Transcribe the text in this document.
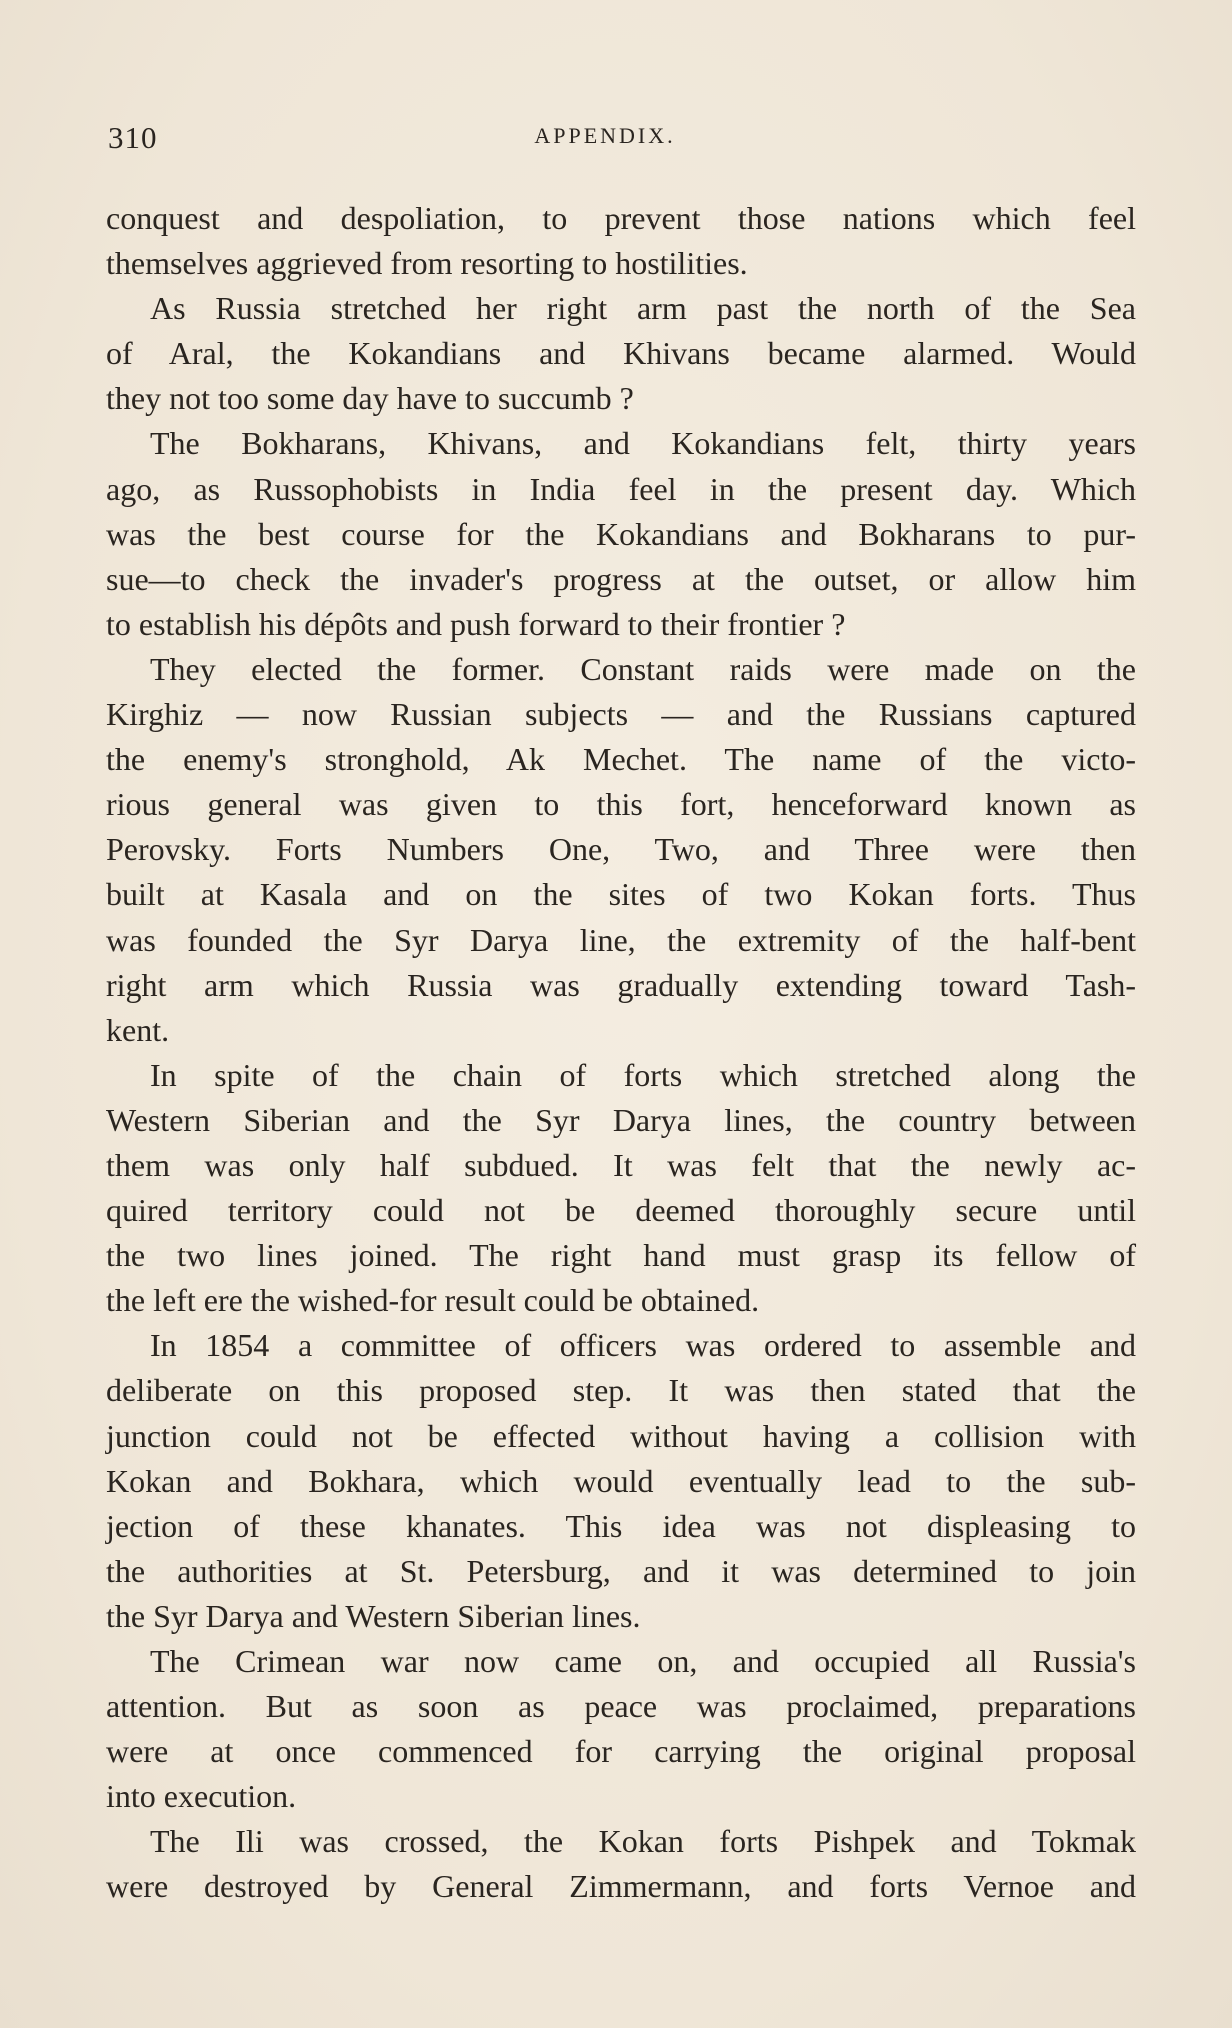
310	APPENDIX.
conquest and despoliation, to prevent those nations which feel
themselves aggrieved from resorting to hostilities.
As Russia stretched her right arm past the north of the Sea
of Aral, the Kokandians and Khivans became alarmed. Would
they not too some day have to succumb ?
The Bokharans, Khivans, and Kokandians felt, thirty years
ago, as Russophobists in India feel in the present day. Which
was the best course for the Kokandians and Bokharans to pur-
sue—to check the invader's progress at the outset, or allow him
to establish his dépôts and push forward to their frontier ?
They elected the former. Constant raids were made on the
Kirghiz — now Russian subjects — and the Russians captured
the enemy's stronghold, Ak Mechet. The name of the victo-
rious general was given to this fort, henceforward known as
Perovsky. Forts Numbers One, Two, and Three were then
built at Kasala and on the sites of two Kokan forts. Thus
was founded the Syr Darya line, the extremity of the half-bent
right arm which Russia was gradually extending toward Tash-
kent.
In spite of the chain of forts which stretched along the
Western Siberian and the Syr Darya lines, the country between
them was only half subdued. It was felt that the newly ac-
quired territory could not be deemed thoroughly secure until
the two lines joined. The right hand must grasp its fellow of
the left ere the wished-for result could be obtained.
In 1854 a committee of officers was ordered to assemble and
deliberate on this proposed step. It was then stated that the
junction could not be effected without having a collision with
Kokan and Bokhara, which would eventually lead to the sub-
jection of these khanates. This idea was not displeasing to
the authorities at St. Petersburg, and it was determined to join
the Syr Darya and Western Siberian lines.
The Crimean war now came on, and occupied all Russia's
attention. But as soon as peace was proclaimed, preparations
were at once commenced for carrying the original proposal
into execution.
The Ili was crossed, the Kokan forts Pishpek and Tokmak
were destroyed by General Zimmermann, and forts Vernoe and
